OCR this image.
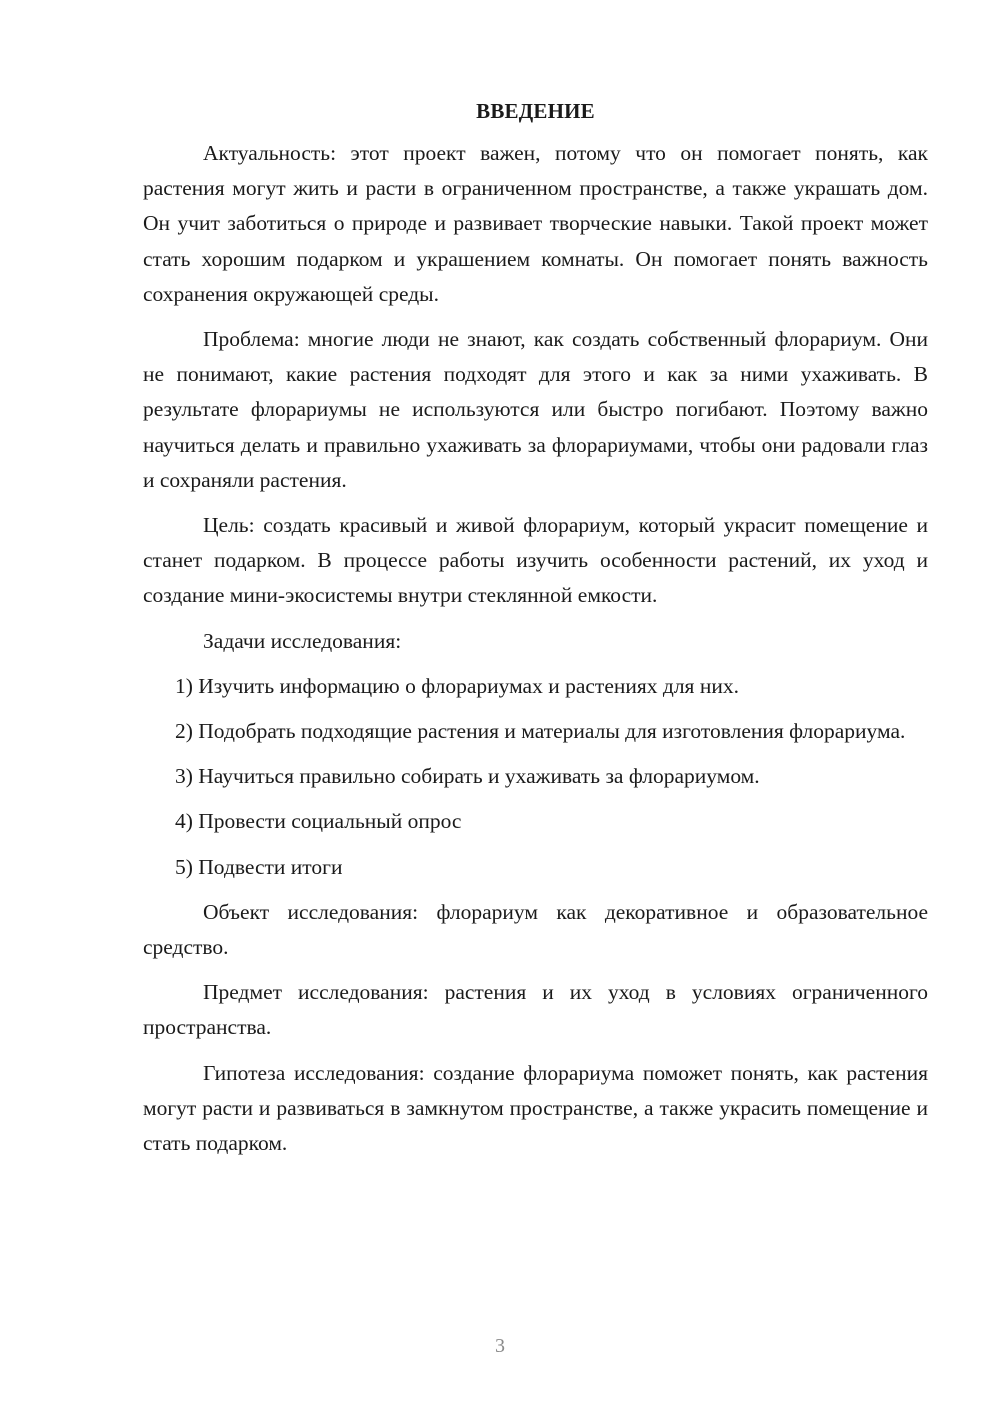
ВВЕДЕНИЕ

Актуальность: этот проект важен, потому что он помогает понять, как растения могут жить и расти в ограниченном пространстве, а также украшать дом. Он учит заботиться о природе и развивает творческие навыки. Такой проект может стать хорошим подарком и украшением комнаты. Он помогает понять важность сохранения окружающей среды.

Проблема: многие люди не знают, как создать собственный флорариум. Они не понимают, какие растения подходят для этого и как за ними ухаживать. В результате флорариумы не используются или быстро погибают. Поэтому важно научиться делать и правильно ухаживать за флорариумами, чтобы они радовали глаз и сохраняли растения.

Цель: создать красивый и живой флорариум, который украсит помещение и станет подарком. В процессе работы изучить особенности растений, их уход и создание мини-экосистемы внутри стеклянной емкости.

Задачи исследования:

1) Изучить информацию о флорариумах и растениях для них.

2) Подобрать подходящие растения и материалы для изготовления флорариума.

3) Научиться правильно собирать и ухаживать за флорариумом.

4) Провести социальный опрос

5) Подвести итоги

Объект исследования: флорариум как декоративное и образовательное средство.

Предмет исследования: растения и их уход в условиях ограниченного пространства.

Гипотеза исследования: создание флорариума поможет понять, как растения могут расти и развиваться в замкнутом пространстве, а также украсить помещение и стать подарком.

3
